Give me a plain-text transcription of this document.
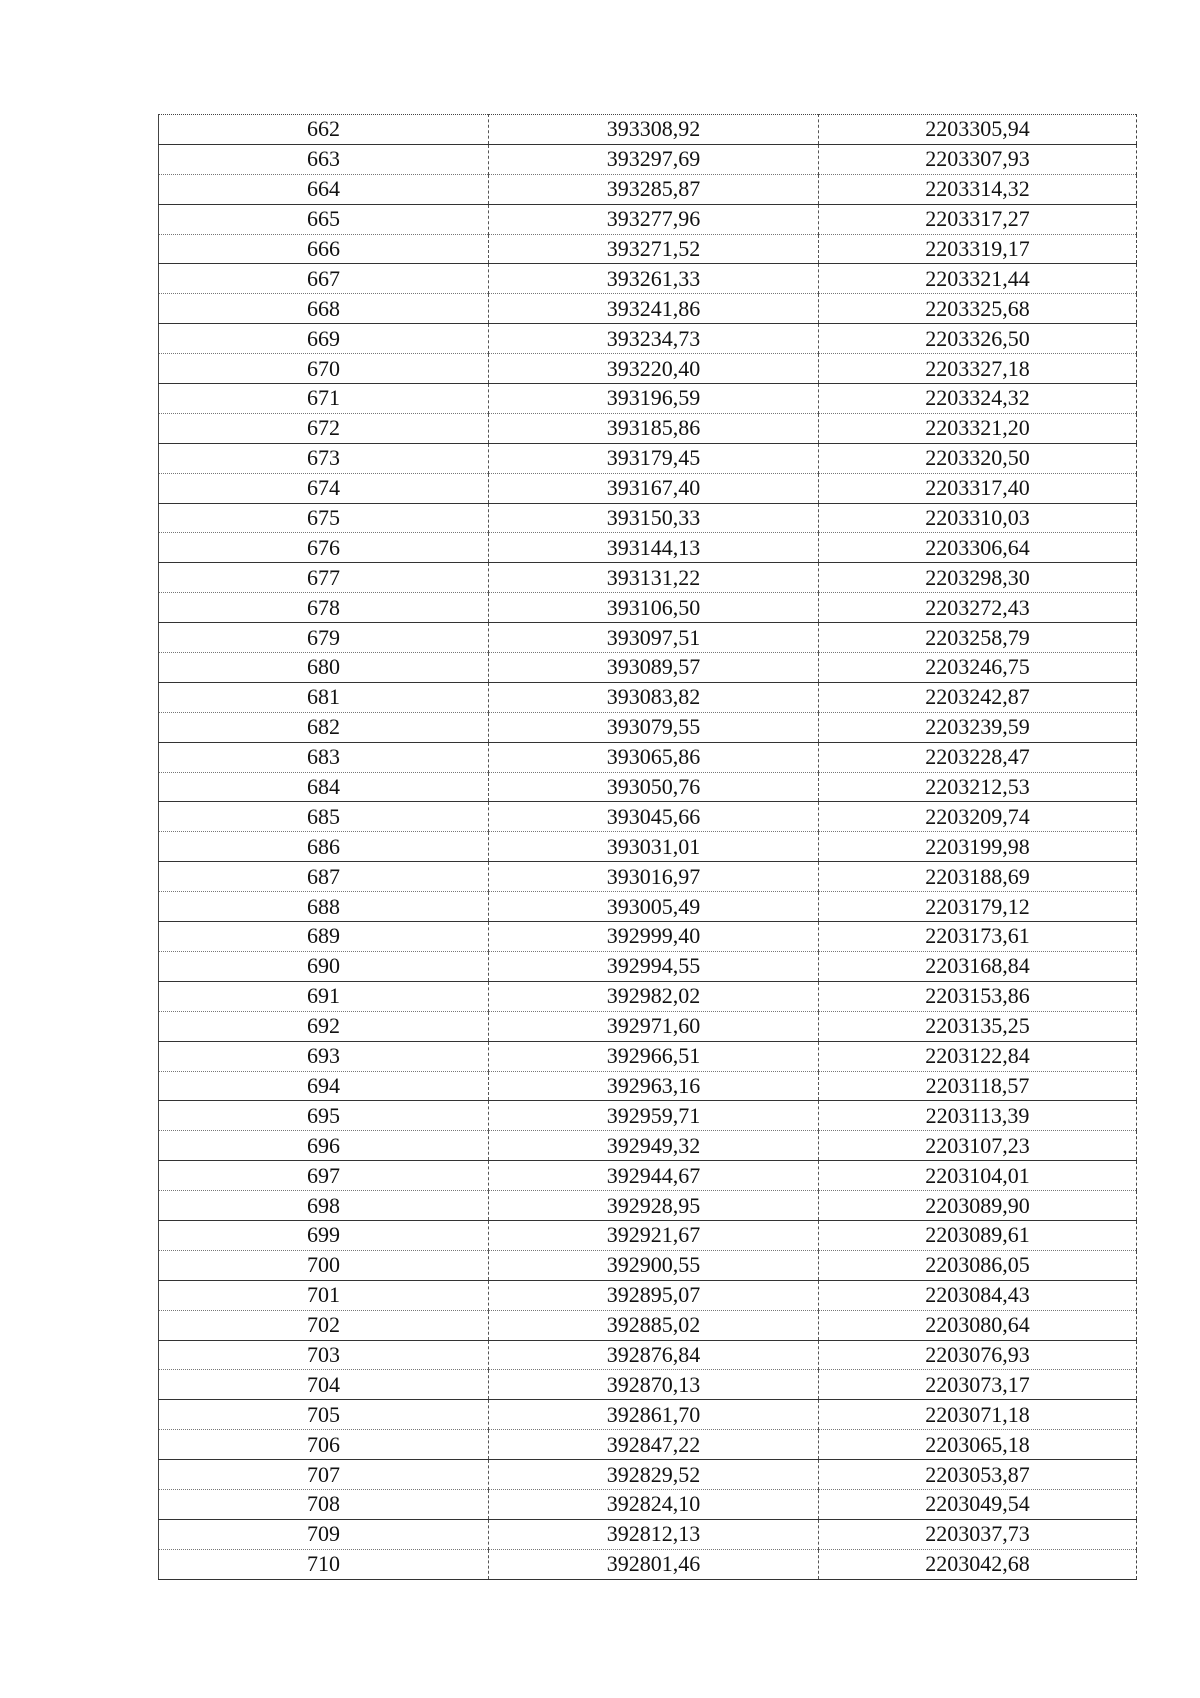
662	393308,92	2203305,94
663	393297,69	2203307,93
664	393285,87	2203314,32
665	393277,96	2203317,27
666	393271,52	2203319,17
667	393261,33	2203321,44
668	393241,86	2203325,68
669	393234,73	2203326,50
670	393220,40	2203327,18
671	393196,59	2203324,32
672	393185,86	2203321,20
673	393179,45	2203320,50
674	393167,40	2203317,40
675	393150,33	2203310,03
676	393144,13	2203306,64
677	393131,22	2203298,30
678	393106,50	2203272,43
679	393097,51	2203258,79
680	393089,57	2203246,75
681	393083,82	2203242,87
682	393079,55	2203239,59
683	393065,86	2203228,47
684	393050,76	2203212,53
685	393045,66	2203209,74
686	393031,01	2203199,98
687	393016,97	2203188,69
688	393005,49	2203179,12
689	392999,40	2203173,61
690	392994,55	2203168,84
691	392982,02	2203153,86
692	392971,60	2203135,25
693	392966,51	2203122,84
694	392963,16	2203118,57
695	392959,71	2203113,39
696	392949,32	2203107,23
697	392944,67	2203104,01
698	392928,95	2203089,90
699	392921,67	2203089,61
700	392900,55	2203086,05
701	392895,07	2203084,43
702	392885,02	2203080,64
703	392876,84	2203076,93
704	392870,13	2203073,17
705	392861,70	2203071,18
706	392847,22	2203065,18
707	392829,52	2203053,87
708	392824,10	2203049,54
709	392812,13	2203037,73
710	392801,46	2203042,68
